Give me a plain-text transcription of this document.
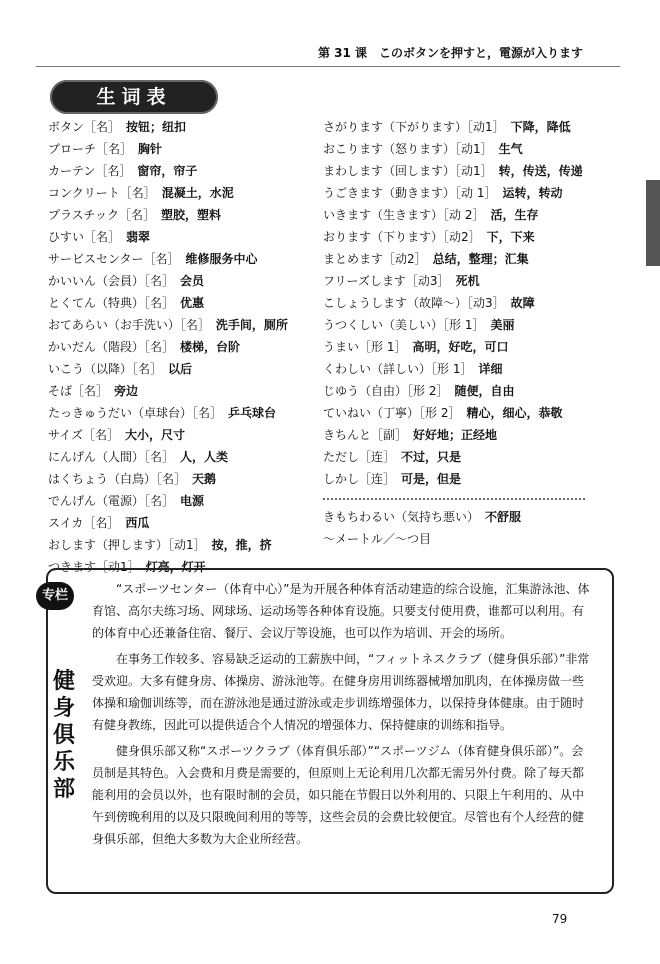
第 31 课　このボタンを押すと，電源が入ります
生词表
ボタン［名］ 按钮；纽扣
ブローチ［名］ 胸针
カーテン［名］ 窗帘，帘子
コンクリート［名］ 混凝土，水泥
プラスチック［名］ 塑胶，塑料
ひすい［名］ 翡翠
サービスセンター［名］ 维修服务中心
かいいん（会員）［名］ 会员
とくてん（特典）［名］ 优惠
おてあらい（お手洗い）［名］ 洗手间，厕所
かいだん（階段）［名］ 楼梯，台阶
いこう（以降）［名］ 以后
そば［名］ 旁边
たっきゅうだい（卓球台）［名］ 乒乓球台
サイズ［名］ 大小，尺寸
にんげん（人間）［名］ 人，人类
はくちょう（白鳥）［名］ 天鹅
でんげん（電源）［名］ 电源
スイカ［名］ 西瓜
おします（押します）［动1］ 按，推，挤
つきます［动1］ 灯亮，灯开
さがります（下がります）［动1］ 下降，降低
おこります（怒ります）［动1］ 生气
まわします（回します）［动1］ 转，传送，传递
うごきます（動きます）［动 1］ 运转，转动
いきます（生きます）［动 2］ 活，生存
おります（下ります）［动2］ 下，下来
まとめます［动2］ 总结，整理；汇集
フリーズします［动3］ 死机
こしょうします（故障～）［动3］ 故障
うつくしい（美しい）［形 1］ 美丽
うまい［形 1］ 高明，好吃，可口
くわしい（詳しい）［形 1］ 详细
じゆう（自由）［形 2］ 随便，自由
ていねい（丁寧）［形 2］ 精心，细心，恭敬
きちんと［副］ 好好地；正经地
ただし［连］ 不过，只是
しかし［连］ 可是，但是
きもちわるい（気持ち悪い） 不舒服
～メートル／～つ目
专栏
健
身
俱
乐
部

“スポーツセンター（体育中心）”是为开展各种体育活动建造的综合设施，汇集游泳池、体育馆、高尔夫练习场、网球场、运动场等各种体育设施。只要支付使用费，谁都可以利用。有的体育中心还兼备住宿、餐厅、会议厅等设施，也可以作为培训、开会的场所。

在事务工作较多、容易缺乏运动的工薪族中间，“フィットネスクラブ（健身俱乐部）”非常受欢迎。大多有健身房、体操房、游泳池等。在健身房用训练器械增加肌肉，在体操房做一些体操和瑜伽训练等，而在游泳池是通过游泳或走步训练增强体力，以保持身体健康。由于随时有健身教练，因此可以提供适合个人情况的增强体力、保持健康的训练和指导。

健身俱乐部又称“スポーツクラブ（体育俱乐部）”“スポーツジム（体育健身俱乐部）”。会员制是其特色。入会费和月费是需要的，但原则上无论利用几次都无需另外付费。除了每天都能利用的会员以外，也有限时制的会员，如只能在节假日以外利用的、只限上午利用的、从中午到傍晚利用的以及只限晚间利用的等等，这些会员的会费比较便宜。尽管也有个人经营的健身俱乐部，但绝大多数为大企业所经营。

79
